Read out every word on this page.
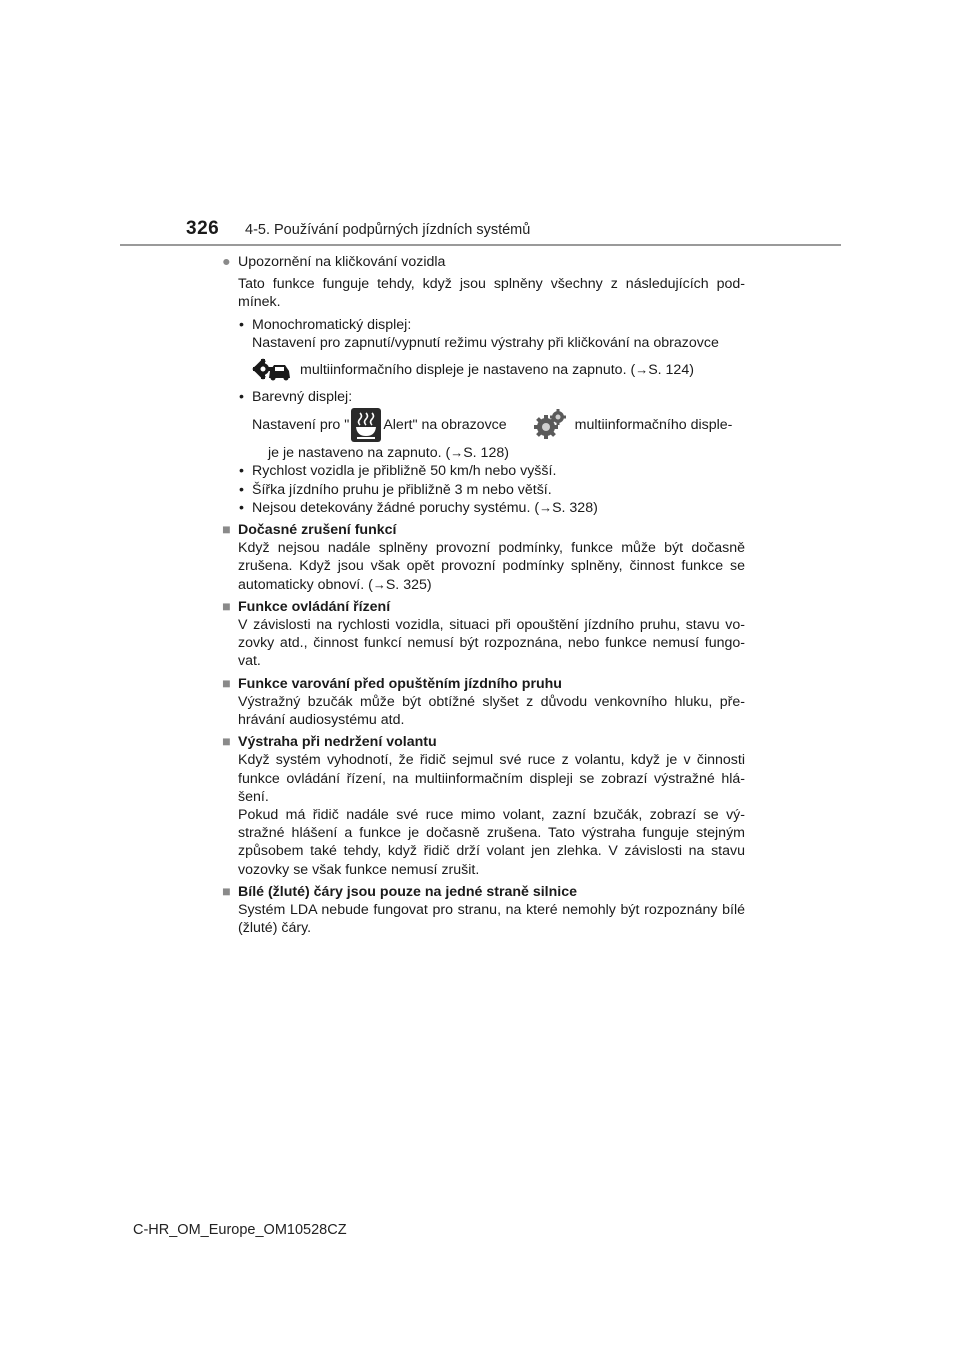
326 4-5. Používání podpůrných jízdních systémů
● Upozornění na kličkování vozidla

Tato funkce funguje tehdy, když jsou splněny všechny z následujících pod- mínek.

• Monochromatický displej:
Nastavení pro zapnutí/vypnutí režimu výstrahy při kličkování na obrazovce
multiinformačního displeje je nastaveno na zapnuto. ( → S. 124)
• Barevný displej:
Nastavení pro " Alert" na obrazovce	multiinformačního disple-

je je nastaveno na zapnuto. (→S. 128)

• Rychlost vozidla je přibližně 50 km/h nebo vyšší.
• Šířka jízdního pruhu je přibližně 3 m nebo větší.
• Nejsou detekovány žádné poruchy systému. (→S. 328)
■ Dočasné zrušení funkcí

Když nejsou nadále splněny provozní podmínky, funkce může být dočasně zrušena. Když jsou však opět provozní podmínky splněny, činnost funkce se automaticky obnoví. (→S. 325)

■ Funkce ovládání řízení

V závislosti na rychlosti vozidla, situaci při opouštění jízdního pruhu, stavu vo- zovky atd., činnost funkcí nemusí být rozpoznána, nebo funkce nemusí fungo- vat.

■ Funkce varování před opuštěním jízdního pruhu

Výstražný bzučák může být obtížné slyšet z důvodu venkovního hluku, pře- hrávání audiosystému atd.

■ Výstraha při nedržení volantu

Když systém vyhodnotí, že řidič sejmul své ruce z volantu, když je v činnosti funkce ovládání řízení, na multiinformačním displeji se zobrazí výstražné hlá- šení.

Pokud má řidič nadále své ruce mimo volant, zazní bzučák, zobrazí se vý- stražné hlášení a funkce je dočasně zrušena. Tato výstraha funguje stejným způsobem také tehdy, když řidič drží volant jen zlehka. V závislosti na stavu vozovky se však funkce nemusí zrušit.

■ Bílé (žluté) čáry jsou pouze na jedné straně silnice

Systém LDA nebude fungovat pro stranu, na které nemohly být rozpoznány bílé (žluté) čáry.

C-HR_OM_Europe_OM10528CZ
